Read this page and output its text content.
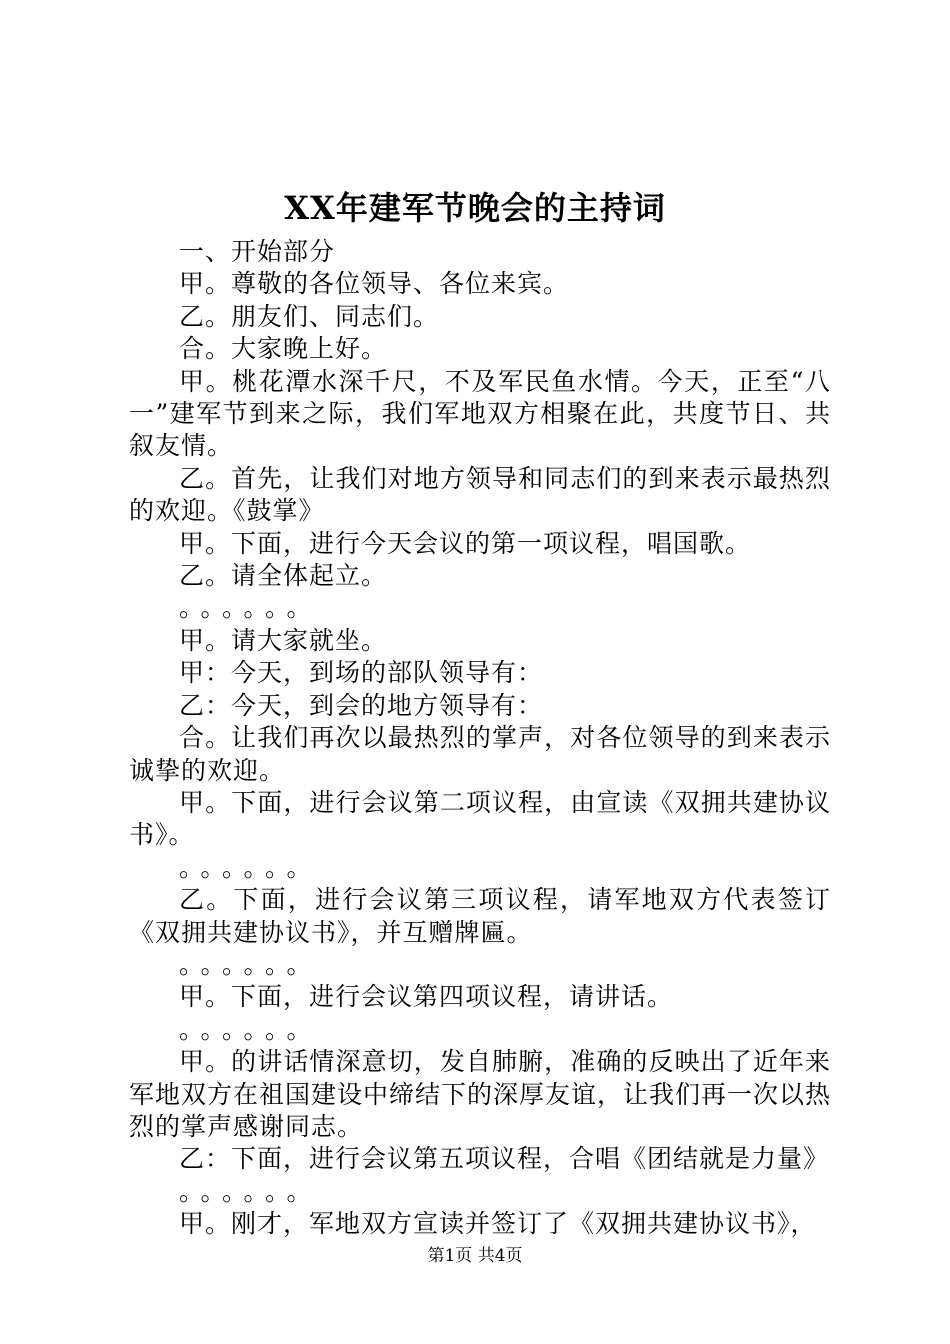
XX年建军节晚会的主持词

一、开始部分

甲。尊敬的各位领导、各位来宾。

乙。朋友们、同志们。

合。大家晚上好。

甲。桃花潭水深千尺，不及军民鱼水情。今天，正至“八一”建军节到来之际，我们军地双方相聚在此，共度节日、共叙友情。

乙。首先，让我们对地方领导和同志们的到来表示最热烈的欢迎。《鼓掌》

甲。下面，进行今天会议的第一项议程，唱国歌。

乙。请全体起立。

。。。。。。

甲。请大家就坐。

甲：今天，到场的部队领导有：

乙：今天，到会的地方领导有：

合。让我们再次以最热烈的掌声，对各位领导的到来表示诚挚的欢迎。

甲。下面，进行会议第二项议程，由宣读《双拥共建协议书》。

。。。。。。

乙。下面，进行会议第三项议程，请军地双方代表签订《双拥共建协议书》，并互赠牌匾。

。。。。。。

甲。下面，进行会议第四项议程，请讲话。

。。。。。。

甲。的讲话情深意切，发自肺腑，准确的反映出了近年来军地双方在祖国建设中缔结下的深厚友谊，让我们再一次以热烈的掌声感谢同志。

乙：下面，进行会议第五项议程，合唱《团结就是力量》

。。。。。。

甲。刚才，军地双方宣读并签订了《双拥共建协议书》，

第1页 共4页
